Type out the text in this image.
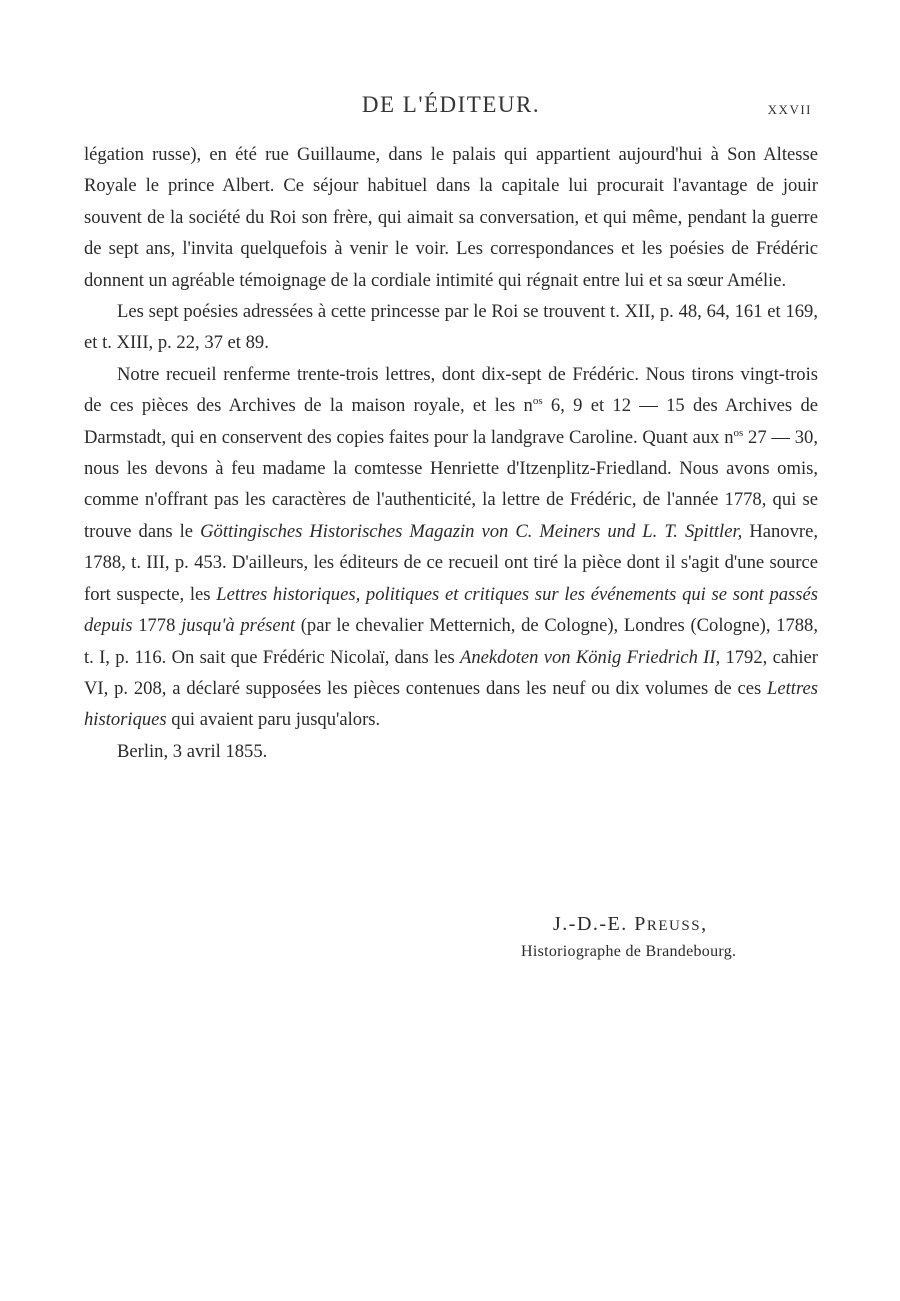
DE L'ÉDITEUR.	XXVII

légation russe), en été rue Guillaume, dans le palais qui appartient aujourd'hui à Son Altesse Royale le prince Albert. Ce séjour habituel dans la capitale lui procurait l'avantage de jouir souvent de la société du Roi son frère, qui aimait sa conversation, et qui même, pendant la guerre de sept ans, l'invita quelquefois à venir le voir. Les correspondances et les poésies de Frédéric donnent un agréable témoignage de la cordiale intimité qui régnait entre lui et sa sœur Amélie.

Les sept poésies adressées à cette princesse par le Roi se trouvent t. XII, p. 48, 64, 161 et 169, et t. XIII, p. 22, 37 et 89.

Notre recueil renferme trente-trois lettres, dont dix-sept de Frédéric. Nous tirons vingt-trois de ces pièces des Archives de la maison royale, et les $n^{os}$ 6, 9 et 12 — 15 des Archives de Darmstadt, qui en conservent des copies faites pour la landgrave Caroline. Quant aux $n^{os}$ 27 — 30, nous les devons à feu madame la comtesse Henriette d'Itzenplitz-Friedland. Nous avons omis, comme n'offrant pas les caractères de l'authenticité, la lettre de Frédéric, de l'année 1778, qui se trouve dans le Göttingisches Historisches Magazin von C. Meiners und L. T. Spittler, Hanovre, 1788, t. III, p. 453. D'ailleurs, les éditeurs de ce recueil ont tiré la pièce dont il s'agit d'une source fort suspecte, les Lettres historiques, politiques et critiques sur les événements qui se sont passés depuis 1778 jusqu'à présent (par le chevalier Metternich, de Cologne), Londres (Cologne), 1788, t. I, p. 116. On sait que Frédéric Nicolaï, dans les Anekdoten von König Friedrich II, 1792, cahier VI, p. 208, a déclaré supposées les pièces contenues dans les neuf ou dix volumes de ces Lettres historiques qui avaient paru jusqu'alors.

Berlin, 3 avril 1855.

J.-D.-E. PREUSS,
Historiographe de Brandebourg.
